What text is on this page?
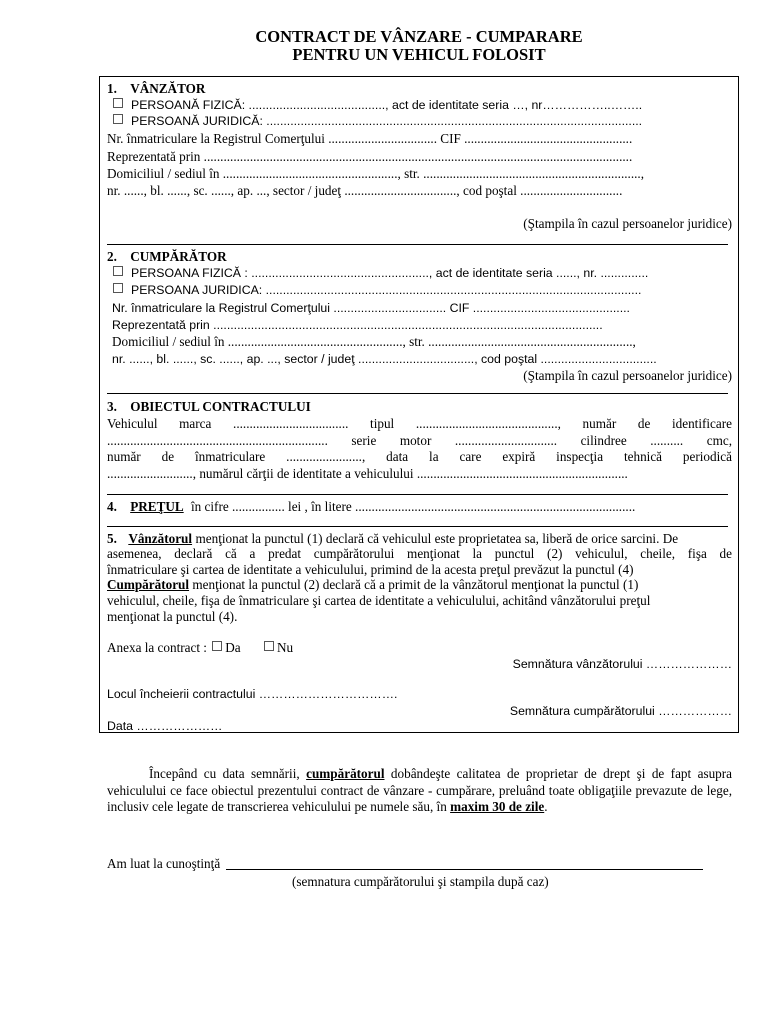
CONTRACT DE VÂNZARE - CUMPARARE
PENTRU UN VEHICUL FOLOSIT
1. VÂNZĂTOR
PERSOANĂ FIZICĂ: ........................................, act de identitate seria …, nr……………..……..
PERSOANĂ JURIDICĂ: ..............................................................................................................
Nr. înmatriculare la Registrul Comerţului ................................. CIF ...................................................
Reprezentată prin ..................................................................................................................................
Domiciliul / sediul în ....................................................., str. ..................................................................,
nr. ......, bl. ......, sc. ......, ap. ..., sector / judeţ .................................., cod poştal ...............................
(Ştampila în cazul persoanelor juridice)
2. CUMPĂRĂTOR
PERSOANA FIZICĂ : ...................................................., act de identitate seria ......, nr. ..............
PERSOANA JURIDICA: ..............................................................................................................
Nr. înmatriculare la Registrul Comerţului ................................. CIF ..............................................
Reprezentată prin ..................................................................................................................
Domiciliul / sediul în ....................................................., str. ..............................................................,
nr. ......, bl. ......, sc. ......, ap. ..., sector / judeţ .................................., cod poştal ..................................
(Ştampila în cazul persoanelor juridice)
3. OBIECTUL CONTRACTULUI
Vehiculul marca ................................... tipul ..........................................., număr de identificare
................................................................... serie motor ............................... cilindree .......... cmc,
număr de înmatriculare ......................., data la care expiră inspecţia tehnică periodică
.........................., numărul cărţii de identitate a vehiculului ................................................................
4. PREŢUL în cifre ................ lei , în litere .....................................................................................
5. Vânzătorul menţionat la punctul (1) declară că vehiculul este proprietatea sa, liberă de orice sarcini. De
asemenea, declară că a predat cumpărătorului menţionat la punctul (2) vehiculul, cheile, fişa de
înmatriculare şi cartea de identitate a vehiculului, primind de la acesta preţul prevăzut la punctul (4)
Cumpărătorul menţionat la punctul (2) declară că a primit de la vânzătorul menţionat la punctul (1)
vehiculul, cheile, fişa de înmatriculare şi cartea de identitate a vehiculului, achitând vânzătorului preţul
menţionat la punctul (4).
Anexa la contract : Da	Nu
Semnătura vânzătorului …………………
Locul încheierii contractului …………………………….
Semnătura cumpărătorului ………………
Data …………………
Începând cu data semnării, cumpărătorul dobândeşte calitatea de proprietar de drept şi de fapt asupra vehiculului ce face obiectul prezentului contract de vânzare - cumpărare, preluând toate obligaţiile prevazute de lege, inclusiv cele legate de transcrierea vehiculului pe numele său, în maxim 30 de zile.
Am luat la cunoştinţă
(semnatura cumpărătorului şi stampila după caz)
